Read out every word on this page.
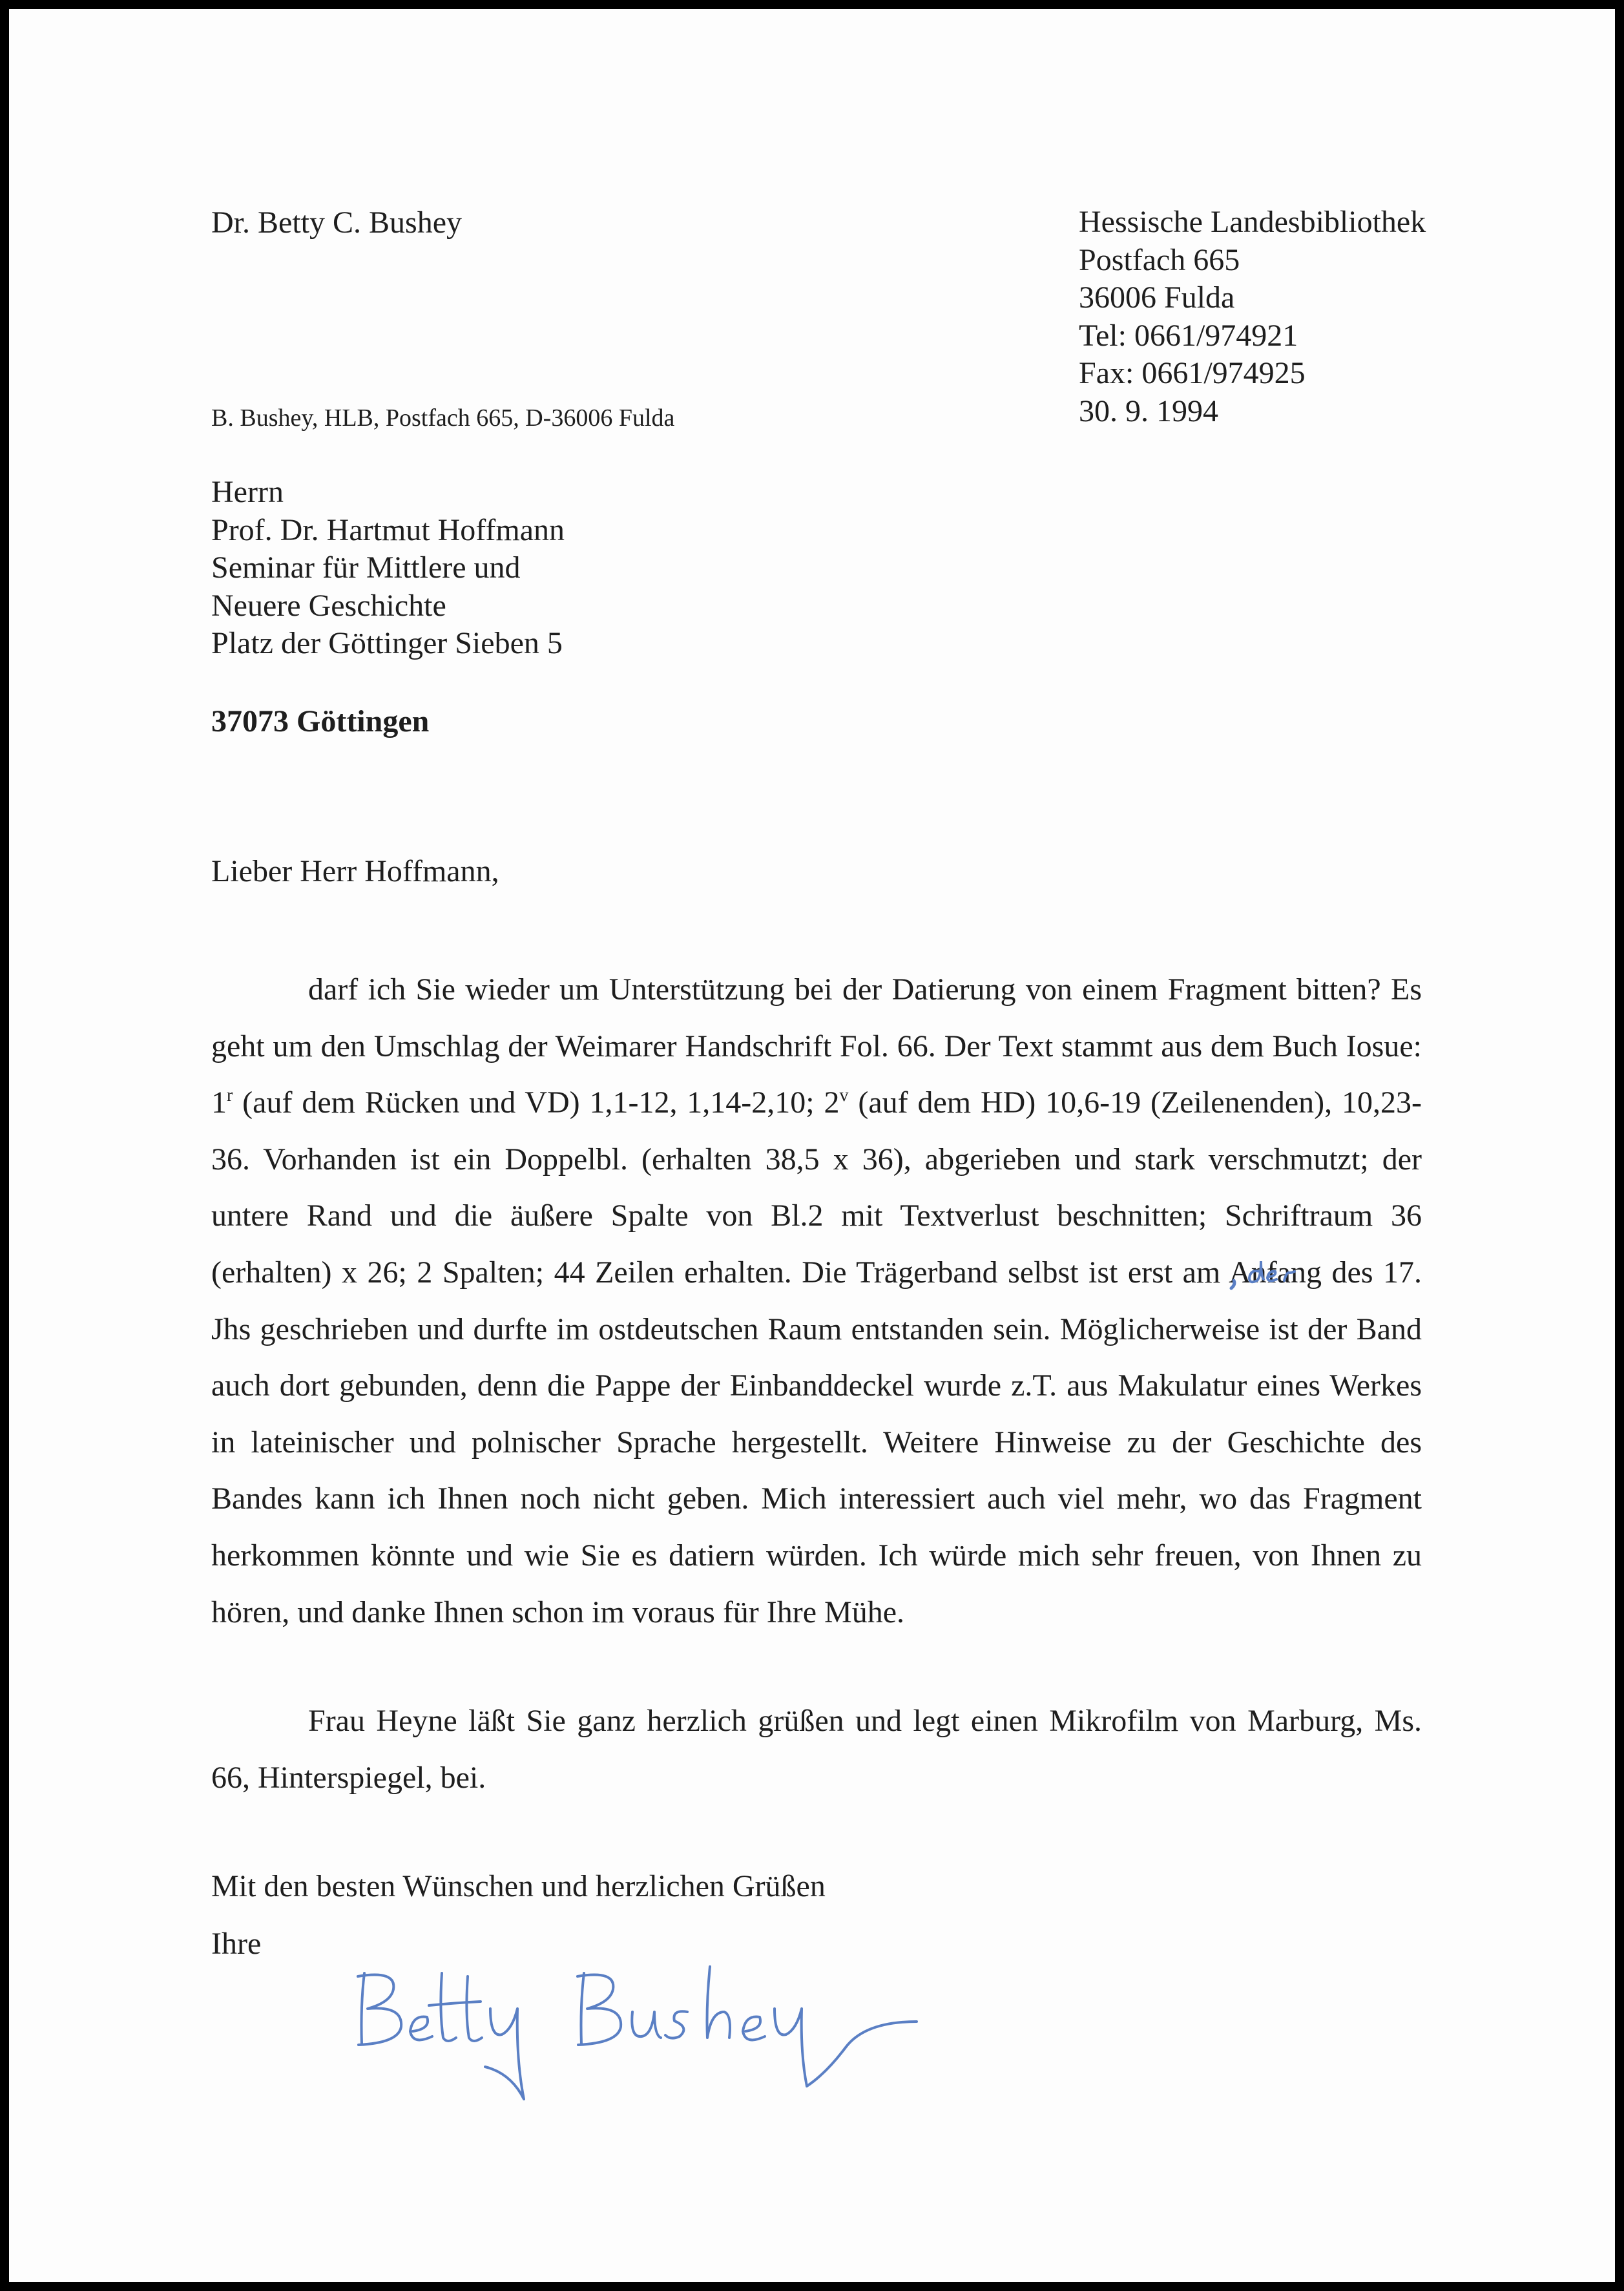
Dr. Betty C. Bushey	Hessische Landesbibliothek
Postfach 665
36006 Fulda
Tel: 0661/974921
Fax: 0661/974925
30. 9. 1994
B. Bushey, HLB, Postfach 665, D-36006 Fulda
Herrn
Prof. Dr. Hartmut Hoffmann
Seminar für Mittlere und
Neuere Geschichte
Platz der Göttinger Sieben 5
37073 Göttingen
Lieber Herr Hoffmann,
darf ich Sie wieder um Unterstützung bei der Datierung von einem Fragment bitten? Es geht um den Umschlag der Weimarer Handschrift Fol. 66. Der Text stammt aus dem Buch Iosue: 1$^r$ (auf dem Rücken und VD) 1,1-12, 1,14-2,10; 2$^v$ (auf dem HD) 10,6-19 (Zeilenenden), 10,23-36. Vorhanden ist ein Doppelbl. (erhalten 38,5 x 36), abgerieben und stark verschmutzt; der untere Rand und die äußere Spalte von Bl.2 mit Textverlust beschnitten; Schriftraum 36 (erhalten) x 26; 2 Spalten; 44 Zeilen erhalten. Die Trägerband selbst ist erst am Anfang des 17. Jhs geschrieben und durfte im ostdeutschen Raum entstanden sein. Möglicherweise ist der Band auch dort gebunden, denn die Pappe der Einbanddeckel wurde z.T. aus Makulatur eines Werkes in lateinischer und polnischer Sprache hergestellt. Weitere Hinweise zu der Geschichte des Bandes kann ich Ihnen noch nicht geben. Mich interessiert auch viel mehr, wo das Fragment herkommen könnte und wie Sie es datiern würden. Ich würde mich sehr freuen, von Ihnen zu hören, und danke Ihnen schon im voraus für Ihre Mühe.
Frau Heyne läßt Sie ganz herzlich grüßen und legt einen Mikrofilm von Marburg, Ms. 66, Hinterspiegel, bei.
Mit den besten Wünschen und herzlichen Grüßen
Ihre
